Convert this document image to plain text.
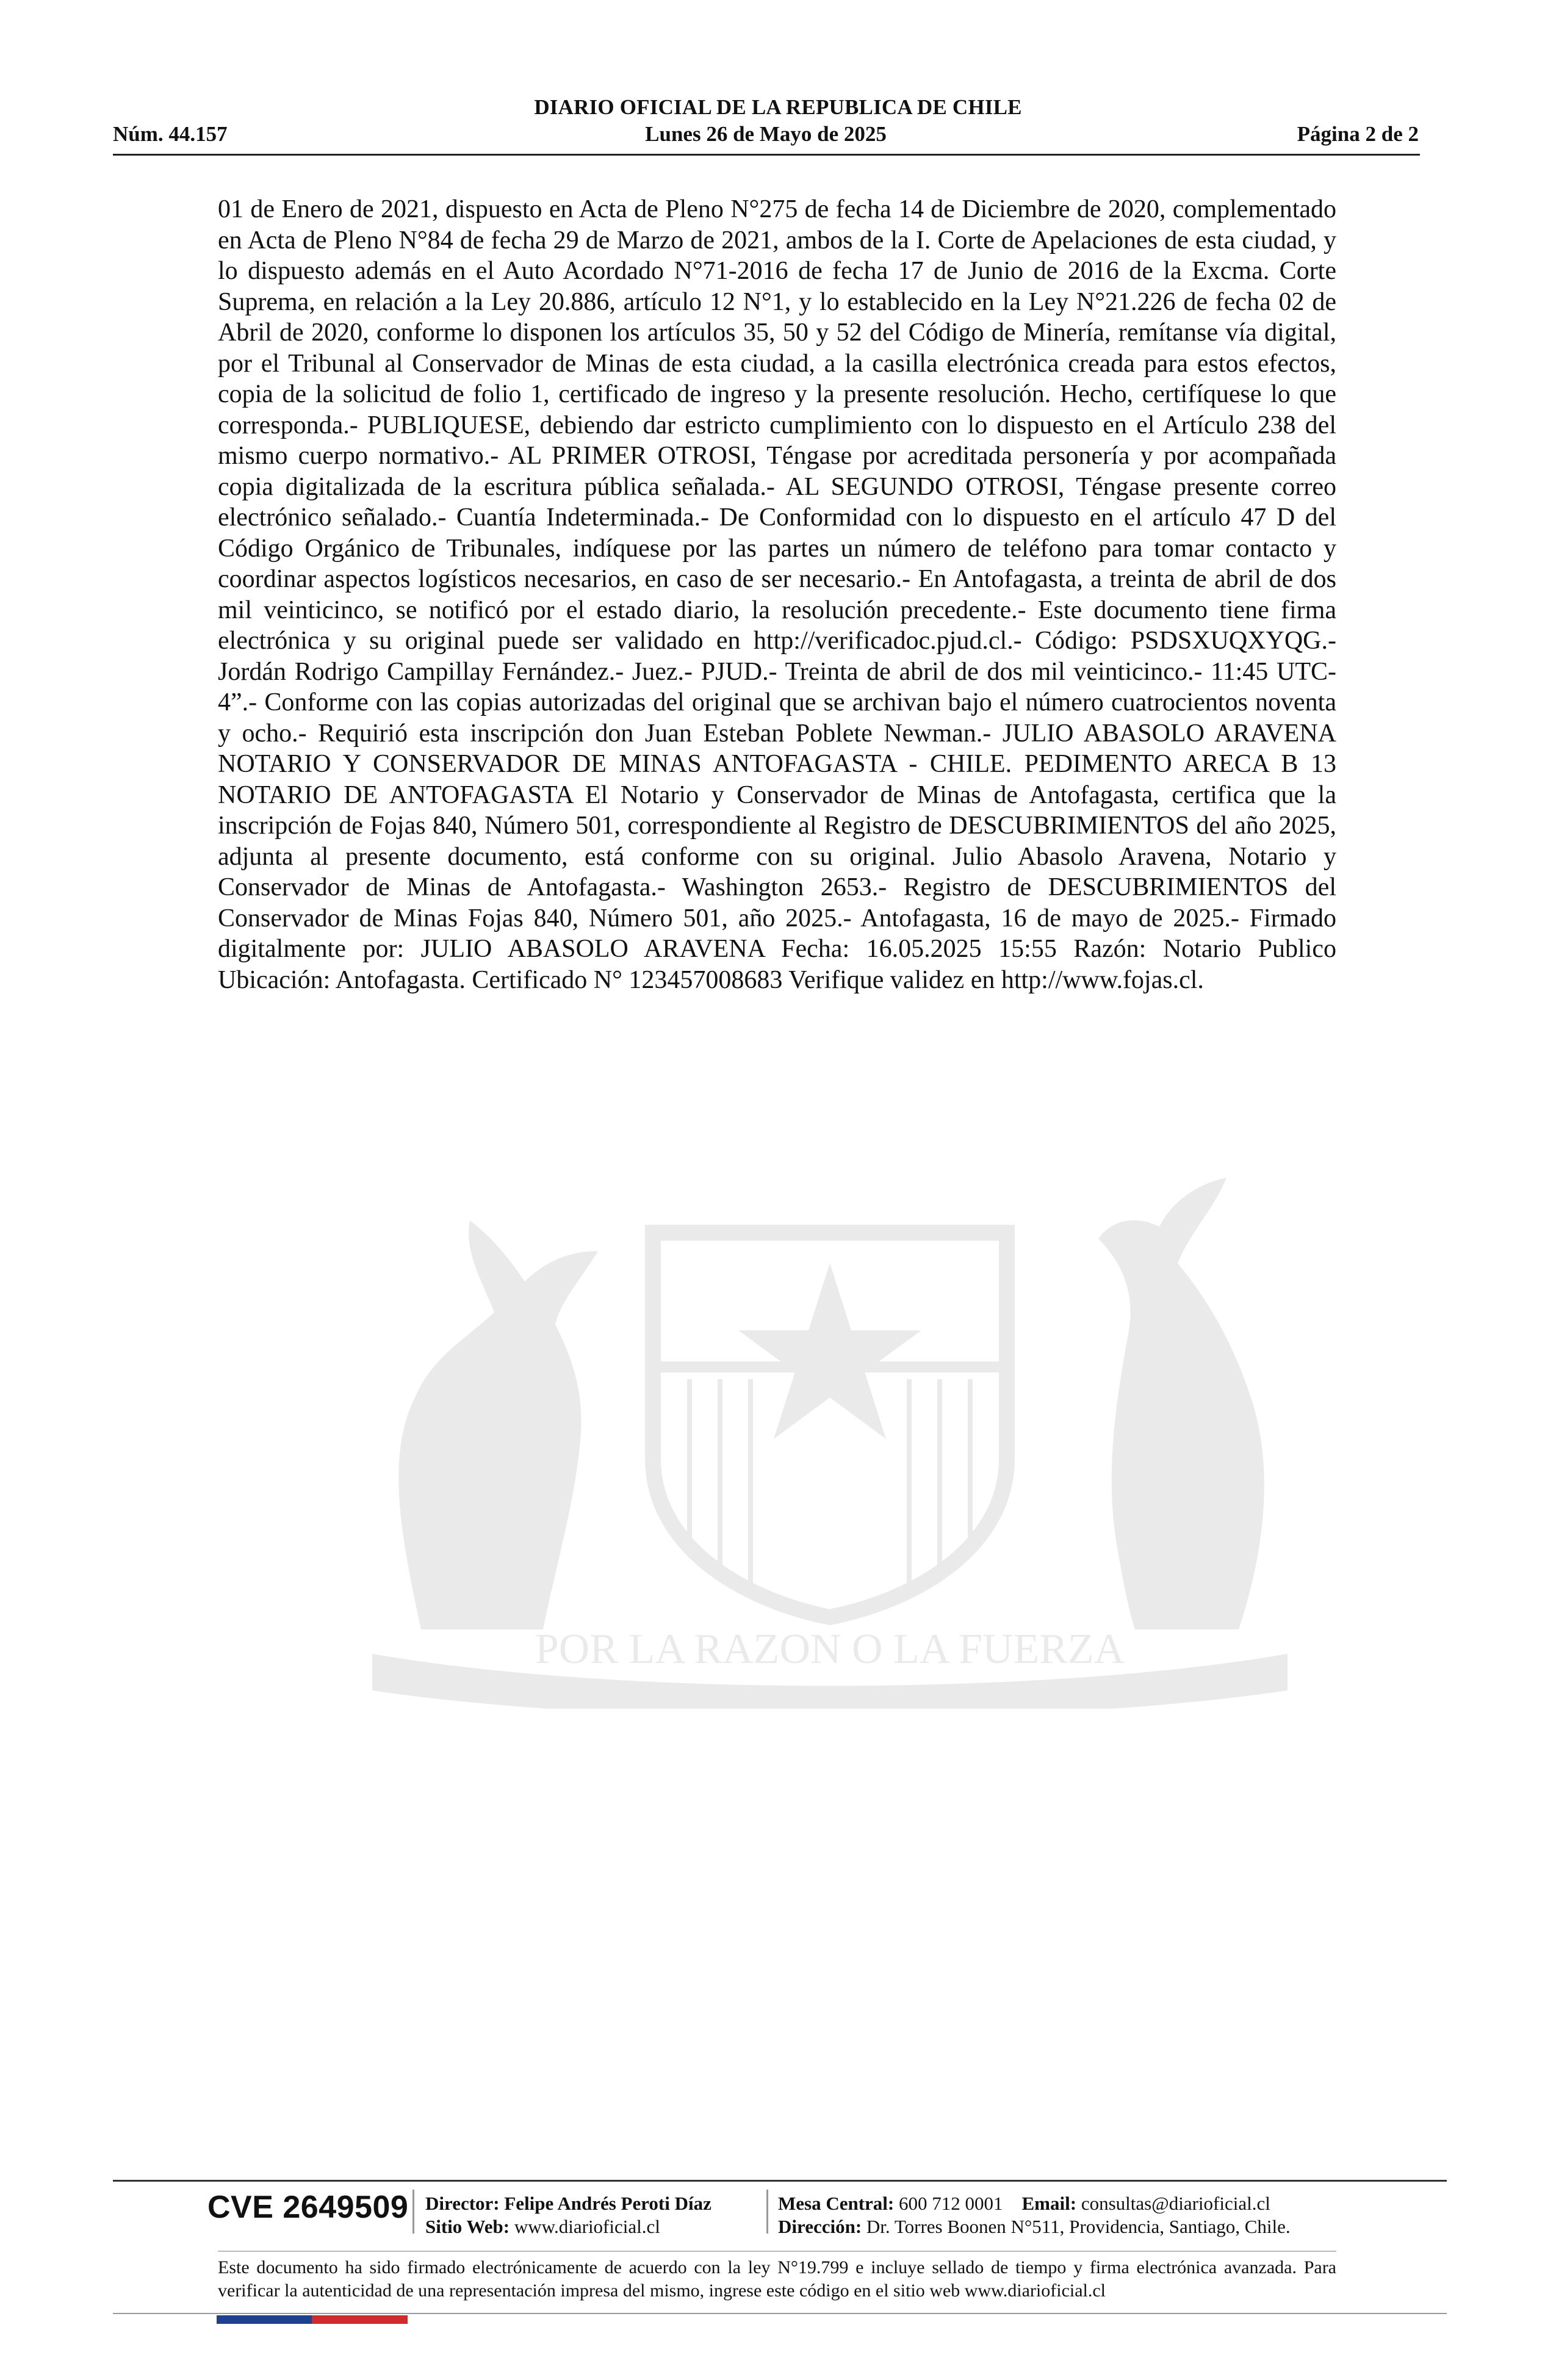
DIARIO OFICIAL DE LA REPUBLICA DE CHILE
Núm. 44.157	Lunes 26 de Mayo de 2025	Página 2 de 2
POR LA RAZON O LA FUERZA
01 de Enero de 2021, dispuesto en Acta de Pleno N°275 de fecha 14 de Diciembre de 2020, complementado en Acta de Pleno N°84 de fecha 29 de Marzo de 2021, ambos de la I. Corte de Apelaciones de esta ciudad, y lo dispuesto además en el Auto Acordado N°71-2016 de fecha 17 de Junio de 2016 de la Excma. Corte Suprema, en relación a la Ley 20.886, artículo 12 N°1, y lo establecido en la Ley N°21.226 de fecha 02 de Abril de 2020, conforme lo disponen los artículos 35, 50 y 52 del Código de Minería, remítanse vía digital, por el Tribunal al Conservador de Minas de esta ciudad, a la casilla electrónica creada para estos efectos, copia de la solicitud de folio 1, certificado de ingreso y la presente resolución. Hecho, certifíquese lo que corresponda.- PUBLIQUESE, debiendo dar estricto cumplimiento con lo dispuesto en el Artículo 238 del mismo cuerpo normativo.- AL PRIMER OTROSI, Téngase por acreditada personería y por acompañada copia digitalizada de la escritura pública señalada.- AL SEGUNDO OTROSI, Téngase presente correo electrónico señalado.- Cuantía Indeterminada.- De Conformidad con lo dispuesto en el artículo 47 D del Código Orgánico de Tribunales, indíquese por las partes un número de teléfono para tomar contacto y coordinar aspectos logísticos necesarios, en caso de ser necesario.- En Antofagasta, a treinta de abril de dos mil veinticinco, se notificó por el estado diario, la resolución precedente.- Este documento tiene firma electrónica y su original puede ser validado en http://verificadoc.pjud.cl.- Código: PSDSXUQXYQG.- Jordán Rodrigo Campillay Fernández.- Juez.- PJUD.- Treinta de abril de dos mil veinticinco.- 11:45 UTC-4”.- Conforme con las copias autorizadas del original que se archivan bajo el número cuatrocientos noventa y ocho.- Requirió esta inscripción don Juan Esteban Poblete Newman.- JULIO ABASOLO ARAVENA NOTARIO Y CONSERVADOR DE MINAS ANTOFAGASTA - CHILE. PEDIMENTO ARECA B 13 NOTARIO DE ANTOFAGASTA El Notario y Conservador de Minas de Antofagasta, certifica que la inscripción de Fojas 840, Número 501, correspondiente al Registro de DESCUBRIMIENTOS del año 2025, adjunta al presente documento, está conforme con su original. Julio Abasolo Aravena, Notario y Conservador de Minas de Antofagasta.- Washington 2653.- Registro de DESCUBRIMIENTOS del Conservador de Minas Fojas 840, Número 501, año 2025.- Antofagasta, 16 de mayo de 2025.- Firmado digitalmente por: JULIO ABASOLO ARAVENA Fecha: 16.05.2025 15:55 Razón: Notario Publico Ubicación: Antofagasta. Certificado N° 123457008683 Verifique validez en http://www.fojas.cl.
CVE 2649509 Director: Felipe Andrés Peroti Díaz
Sitio Web: www.diarioficial.cl
Mesa Central: 600 712 0001 Email: consultas@diarioficial.cl
Dirección: Dr. Torres Boonen N°511, Providencia, Santiago, Chile.
Este documento ha sido firmado electrónicamente de acuerdo con la ley N°19.799 e incluye sellado de tiempo y firma electrónica avanzada. Para verificar la autenticidad de una representación impresa del mismo, ingrese este código en el sitio web www.diarioficial.cl
